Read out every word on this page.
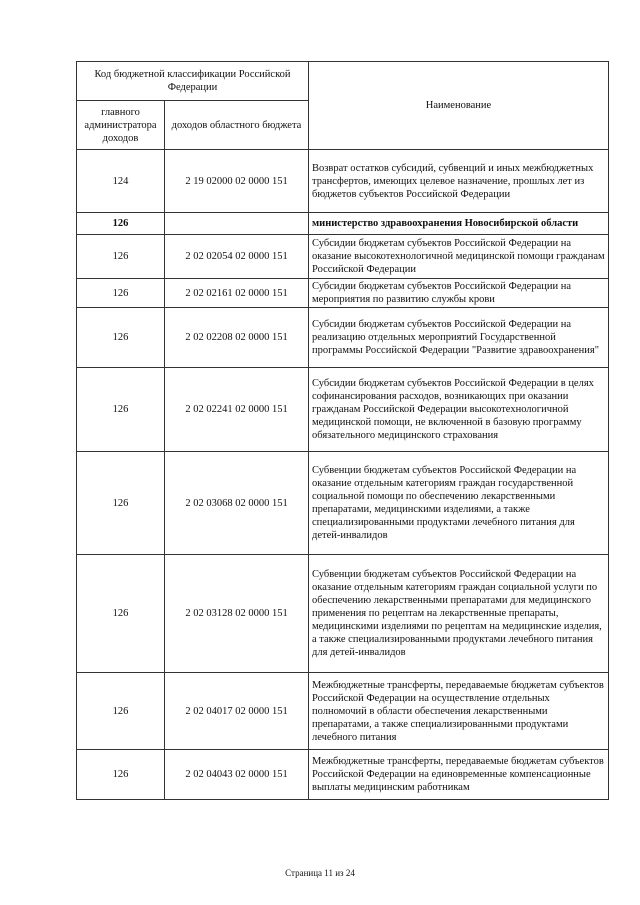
Код бюджетной классификации Российской Федерации		Наименование
главного администратора доходов	доходов областного бюджета	
124	2 19 02000 02 0000 151	Возврат остатков субсидий, субвенций и иных межбюджетных трансфертов, имеющих целевое назначение, прошлых лет из бюджетов субъектов Российской Федерации
126		министерство здравоохранения Новосибирской области
126	2 02 02054 02 0000 151	Субсидии бюджетам субъектов Российской Федерации на оказание высокотехнологичной медицинской помощи гражданам Российской Федерации
126	2 02 02161 02 0000 151	Субсидии бюджетам субъектов Российской Федерации на мероприятия по развитию службы крови
126	2 02 02208 02 0000 151	Субсидии бюджетам субъектов Российской Федерации на реализацию отдельных мероприятий Государственной программы Российской Федерации "Развитие здравоохранения"
126	2 02 02241 02 0000 151	Субсидии бюджетам субъектов Российской Федерации в целях софинансирования расходов, возникающих при оказании гражданам Российской Федерации высокотехнологичной медицинской помощи, не включенной в базовую программу обязательного медицинского страхования
126	2 02 03068 02 0000 151	Субвенции бюджетам субъектов Российской Федерации на оказание отдельным категориям граждан государственной социальной помощи по обеспечению лекарственными препаратами, медицинскими изделиями, а также специализированными продуктами лечебного питания для детей-инвалидов
126	2 02 03128 02 0000 151	Субвенции бюджетам субъектов Российской Федерации на оказание отдельным категориям граждан социальной услуги по обеспечению лекарственными препаратами для медицинского применения по рецептам на лекарственные препараты, медицинскими изделиями по рецептам на медицинские изделия, а также специализированными продуктами лечебного питания для детей-инвалидов
126	2 02 04017 02 0000 151	Межбюджетные трансферты, передаваемые бюджетам субъектов Российской Федерации на осуществление отдельных полномочий в области обеспечения лекарственными препаратами, а также специализированными продуктами лечебного питания
126	2 02 04043 02 0000 151	Межбюджетные трансферты, передаваемые бюджетам субъектов Российской Федерации на единовременные компенсационные выплаты медицинским работникам
Страница 11 из 24
